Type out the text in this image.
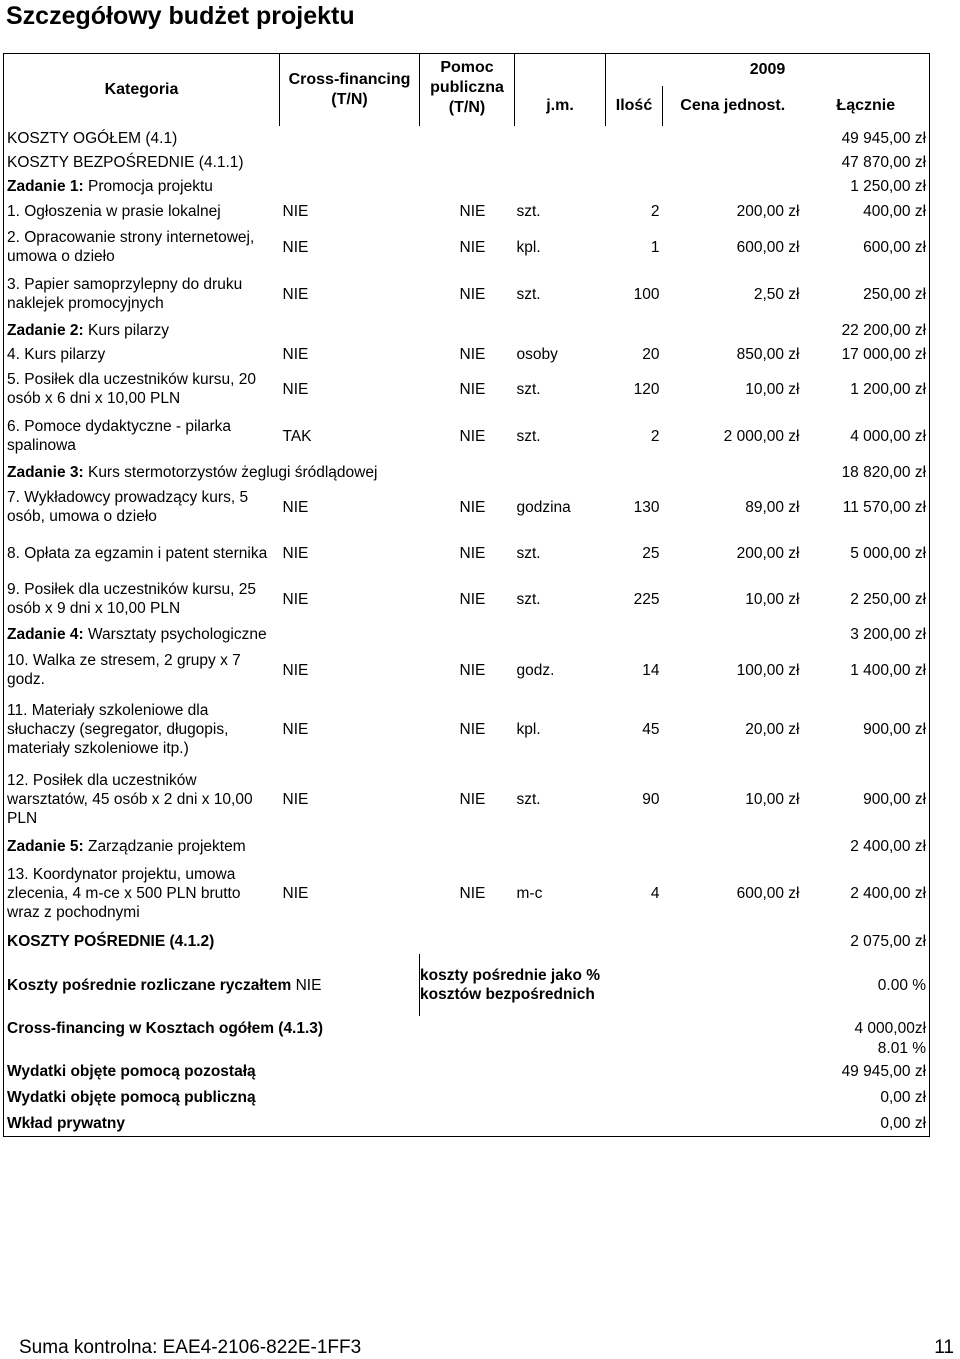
Szczegółowy budżet projektu
Kategoria	Cross-financing (T/N)	Pomoc publiczna (T/N)	j.m.	2009		
				Ilość	Cena jednost.	Łącznie
KOSZTY OGÓŁEM (4.1)					49 945,00 zł	
KOSZTY BEZPOŚREDNIE (4.1.1)					47 870,00 zł	
Zadanie 1: Promocja projektu					1 250,00 zł	
1. Ogłoszenia w prasie lokalnej	NIE	NIE	szt.	2	200,00 zł	400,00 zł
2. Opracowanie strony internetowej, umowa o dzieło	NIE	NIE	kpl.	1	600,00 zł	600,00 zł
3. Papier samoprzylepny do druku naklejek promocyjnych	NIE	NIE	szt.	100	2,50 zł	250,00 zł
Zadanie 2: Kurs pilarzy					22 200,00 zł	
4. Kurs pilarzy	NIE	NIE	osoby	20	850,00 zł	17 000,00 zł
5. Posiłek dla uczestników kursu, 20 osób x 6 dni x 10,00 PLN	NIE	NIE	szt.	120	10,00 zł	1 200,00 zł
6. Pomoce dydaktyczne - pilarka spalinowa	TAK	NIE	szt.	2	2 000,00 zł	4 000,00 zł
Zadanie 3: Kurs stermotorzystów żeglugi śródlądowej					18 820,00 zł	
7. Wykładowcy prowadzący kurs, 5 osób, umowa o dzieło	NIE	NIE	godzina	130	89,00 zł	11 570,00 zł
8. Opłata za egzamin i patent sternika	NIE	NIE	szt.	25	200,00 zł	5 000,00 zł
9. Posiłek dla uczestników kursu, 25 osób x 9 dni x 10,00 PLN	NIE	NIE	szt.	225	10,00 zł	2 250,00 zł
Zadanie 4: Warsztaty psychologiczne					3 200,00 zł	
10. Walka ze stresem, 2 grupy x 7 godz.	NIE	NIE	godz.	14	100,00 zł	1 400,00 zł
11. Materiały szkoleniowe dla słuchaczy (segregator, długopis, materiały szkoleniowe itp.)	NIE	NIE	kpl.	45	20,00 zł	900,00 zł
12. Posiłek dla uczestników warsztatów, 45 osób x 2 dni x 10,00 PLN	NIE	NIE	szt.	90	10,00 zł	900,00 zł
Zadanie 5: Zarządzanie projektem					2 400,00 zł	
13. Koordynator projektu, umowa zlecenia, 4 m-ce x 500 PLN brutto wraz z pochodnymi	NIE	NIE	m-c	4	600,00 zł	2 400,00 zł
KOSZTY POŚREDNIE (4.1.2)					2 075,00 zł	
Koszty pośrednie rozliczane ryczałtem NIE		koszty pośrednie jako % kosztów bezpośrednich			0.00 %	
Cross-financing w Kosztach ogółem (4.1.3)					4 000,00zł	
					8.01 %	
Wydatki objęte pomocą pozostałą					49 945,00 zł	
Wydatki objęte pomocą publiczną					0,00 zł	
Wkład prywatny					0,00 zł	
Suma kontrolna: EAE4-2106-822E-1FF3	11
